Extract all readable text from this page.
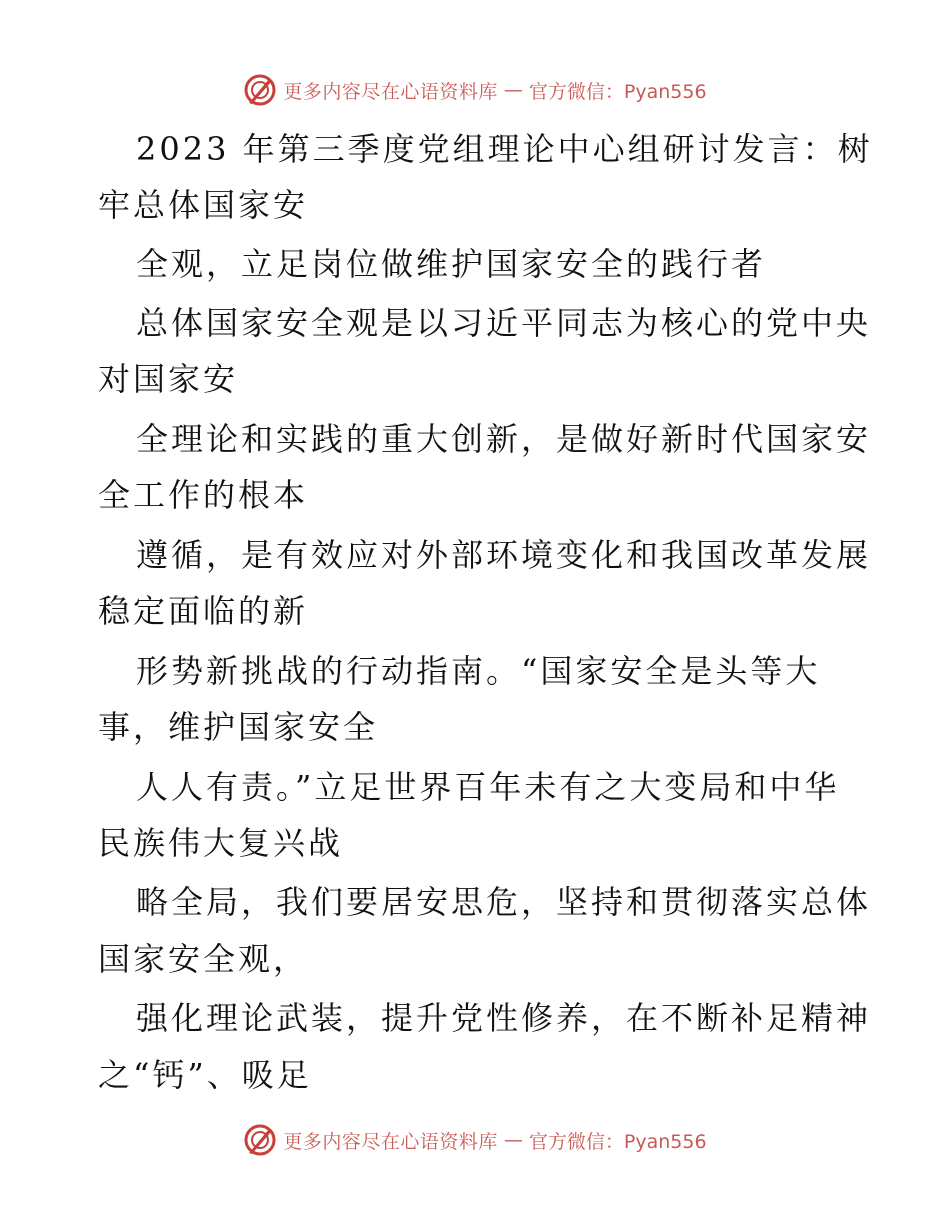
更多内容尽在心语资料库 — 官方微信：Pyan556
2023 年第三季度党组理论中心组研讨发言：树
牢总体国家安
全观，立足岗位做维护国家安全的践行者
总体国家安全观是以习近平同志为核心的党中央
对国家安
全理论和实践的重大创新，是做好新时代国家安
全工作的根本
遵循，是有效应对外部环境变化和我国改革发展
稳定面临的新
形势新挑战的行动指南。“国家安全是头等大
事，维护国家安全
人人有责。”立足世界百年未有之大变局和中华
民族伟大复兴战
略全局，我们要居安思危，坚持和贯彻落实总体
国家安全观，
强化理论武装，提升党性修养，在不断补足精神
之“钙”、吸足
更多内容尽在心语资料库 — 官方微信：Pyan556
